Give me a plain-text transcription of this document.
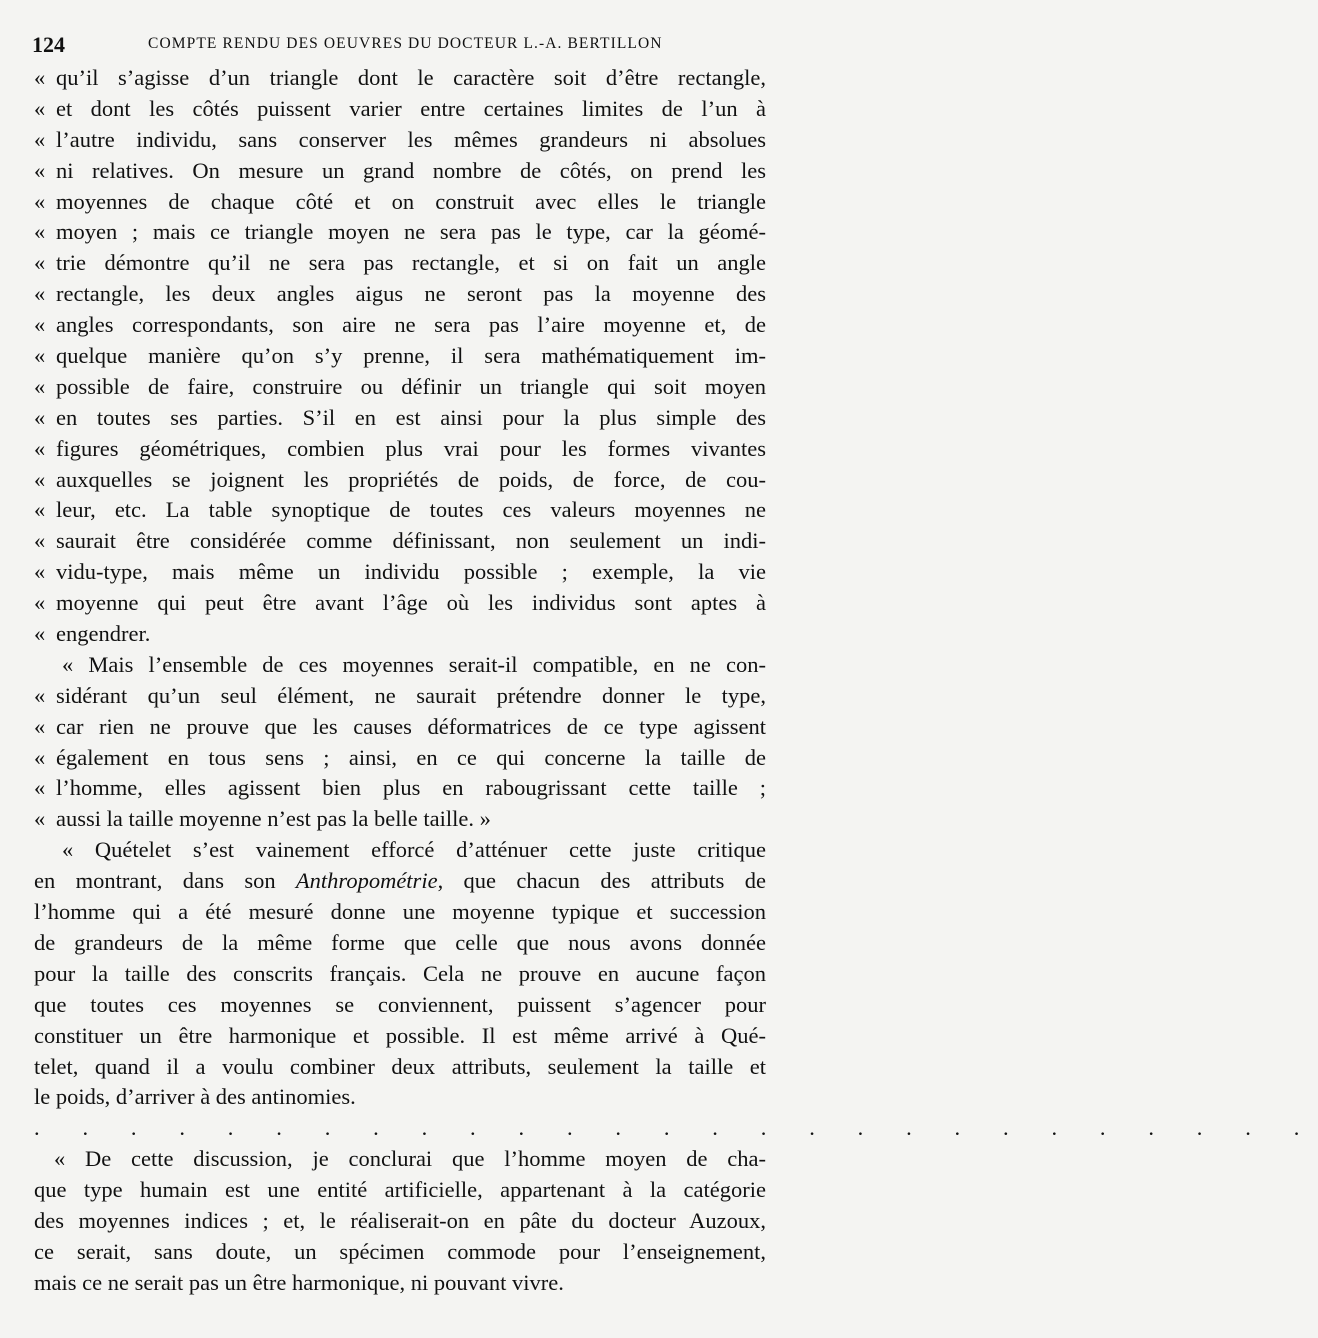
124	COMPTE RENDU DES OEUVRES DU DOCTEUR L.-A. BERTILLON
« qu’il s’agisse d’un triangle dont le caractère soit d’être rectangle,
« et dont les côtés puissent varier entre certaines limites de l’un à
« l’autre individu, sans conserver les mêmes grandeurs ni absolues
« ni relatives. On mesure un grand nombre de côtés, on prend les
« moyennes de chaque côté et on construit avec elles le triangle
« moyen ; mais ce triangle moyen ne sera pas le type, car la géomé-
« trie démontre qu’il ne sera pas rectangle, et si on fait un angle
« rectangle, les deux angles aigus ne seront pas la moyenne des
« angles correspondants, son aire ne sera pas l’aire moyenne et, de
« quelque manière qu’on s’y prenne, il sera mathématiquement im-
« possible de faire, construire ou définir un triangle qui soit moyen
« en toutes ses parties. S’il en est ainsi pour la plus simple des
« figures géométriques, combien plus vrai pour les formes vivantes
« auxquelles se joignent les propriétés de poids, de force, de cou-
« leur, etc. La table synoptique de toutes ces valeurs moyennes ne
« saurait être considérée comme définissant, non seulement un indi-
« vidu-type, mais même un individu possible ; exemple, la vie
« moyenne qui peut être avant l’âge où les individus sont aptes à
« engendrer.
« Mais l’ensemble de ces moyennes serait-il compatible, en ne con-
« sidérant qu’un seul élément, ne saurait prétendre donner le type,
« car rien ne prouve que les causes déformatrices de ce type agissent
« également en tous sens ; ainsi, en ce qui concerne la taille de
« l’homme, elles agissent bien plus en rabougrissant cette taille ;
« aussi la taille moyenne n’est pas la belle taille. »
« Quételet s’est vainement efforcé d’atténuer cette juste critique
en montrant, dans son Anthropométrie, que chacun des attributs de
l’homme qui a été mesuré donne une moyenne typique et succession
de grandeurs de la même forme que celle que nous avons donnée
pour la taille des conscrits français. Cela ne prouve en aucune façon
que toutes ces moyennes se conviennent, puissent s’agencer pour
constituer un être harmonique et possible. Il est même arrivé à Qué-
telet, quand il a voulu combiner deux attributs, seulement la taille et
le poids, d’arriver à des antinomies.
. . . . . . . . . . . . . . . . . . . . . . . . . . .
« De cette discussion, je conclurai que l’homme moyen de cha-
que type humain est une entité artificielle, appartenant à la catégorie
des moyennes indices ; et, le réaliserait-on en pâte du docteur Auzoux,
ce serait, sans doute, un spécimen commode pour l’enseignement,
mais ce ne serait pas un être harmonique, ni pouvant vivre.
